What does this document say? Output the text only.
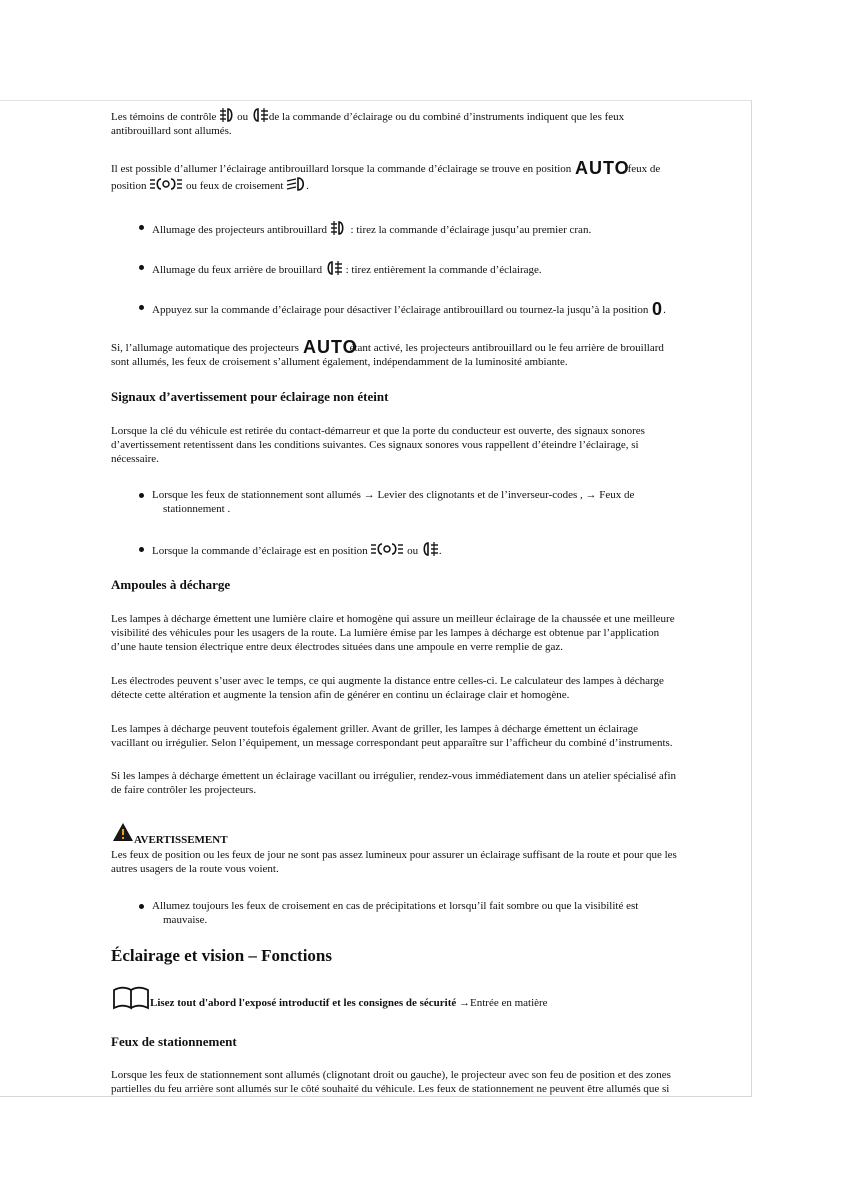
Les témoins de contrôle ou de la commande d’éclairage ou du combiné d’instruments indiquent que les feux
antibrouillard sont allumés.

Il est possible d’allumer l’éclairage antibrouillard lorsque la commande d’éclairage se trouve en position AUTO
, feux de
position	ou feux de croisement .

Allumage des projecteurs antibrouillard : tirez la commande d’éclairage jusqu’au premier cran.

Allumage du feux arrière de brouillard : tirez entièrement la commande d’éclairage.

Appuyez sur la commande d’éclairage pour désactiver l’éclairage antibrouillard ou tournez-la jusqu’à la position 0 .

Si, l’allumage automatique des projecteurs AUTO
étant activé, les projecteurs antibrouillard ou le feu arrière de brouillard
sont allumés, les feux de croisement s’allument également, indépendamment de la luminosité ambiante.

Signaux d’avertissement pour éclairage non éteint

Lorsque la clé du véhicule est retirée du contact-démarreur et que la porte du conducteur est ouverte, des signaux sonores
d’avertissement retentissent dans les conditions suivantes. Ces signaux sonores vous rappellent d’éteindre l’éclairage, si
nécessaire.

Lorsque les feux de stationnement sont allumés → Levier des clignotants et de l’inverseur-codes , → Feux de
stationnement .

Lorsque la commande d’éclairage est en position	ou .

Ampoules à décharge

Les lampes à décharge émettent une lumière claire et homogène qui assure un meilleur éclairage de la chaussée et une meilleure
visibilité des véhicules pour les usagers de la route. La lumière émise par les lampes à décharge est obtenue par l’application
d’une haute tension électrique entre deux électrodes situées dans une ampoule en verre remplie de gaz.

Les électrodes peuvent s’user avec le temps, ce qui augmente la distance entre celles-ci. Le calculateur des lampes à décharge
détecte cette altération et augmente la tension afin de générer en continu un éclairage clair et homogène.

Les lampes à décharge peuvent toutefois également griller. Avant de griller, les lampes à décharge émettent un éclairage
vacillant ou irrégulier. Selon l’équipement, un message correspondant peut apparaître sur l’afficheur du combiné d’instruments.

Si les lampes à décharge émettent un éclairage vacillant ou irrégulier, rendez-vous immédiatement dans un atelier spécialisé afin
de faire contrôler les projecteurs.

AVERTISSEMENT

Les feux de position ou les feux de jour ne sont pas assez lumineux pour assurer un éclairage suffisant de la route et pour que les
autres usagers de la route vous voient.

Allumez toujours les feux de croisement en cas de précipitations et lorsqu’il fait sombre ou que la visibilité est
mauvaise.

Éclairage et vision – Fonctions
Lisez tout d'abord l'exposé introductif et les consignes de sécurité →Entrée en matière
Feux de stationnement

Lorsque les feux de stationnement sont allumés (clignotant droit ou gauche), le projecteur avec son feu de position et des zones
partielles du feu arrière sont allumés sur le côté souhaité du véhicule. Les feux de stationnement ne peuvent être allumés que si
